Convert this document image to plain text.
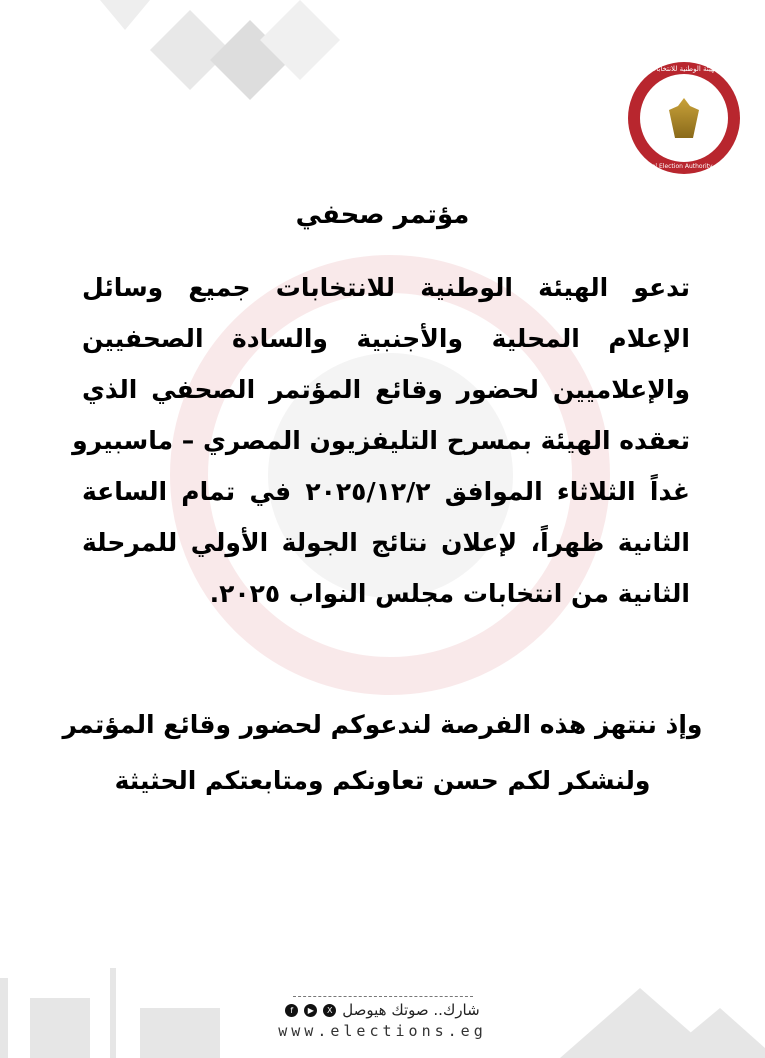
الهيئة الوطنية للانتخابات
National Election Authority - Egypt
مؤتمر صحفي
تدعو الهيئة الوطنية للانتخابات جميع وسائل
الإعلام المحلية والأجنبية والسادة الصحفيين
والإعلاميين لحضور وقائع المؤتمر الصحفي الذي
تعقده الهيئة بمسرح التليفزيون المصري – ماسبيرو
غداً الثلاثاء الموافق ٢٠٢٥/١٢/٢ في تمام الساعة
الثانية ظهراً، لإعلان نتائج الجولة الأولي للمرحلة
الثانية من انتخابات مجلس النواب ٢٠٢٥.
وإذ ننتهز هذه الفرصة لندعوكم لحضور وقائع المؤتمر
ولنشكر لكم حسن تعاونكم ومتابعتكم الحثيثة
شارك.. صوتك هيوصل
X
▶
f
www.elections.eg
